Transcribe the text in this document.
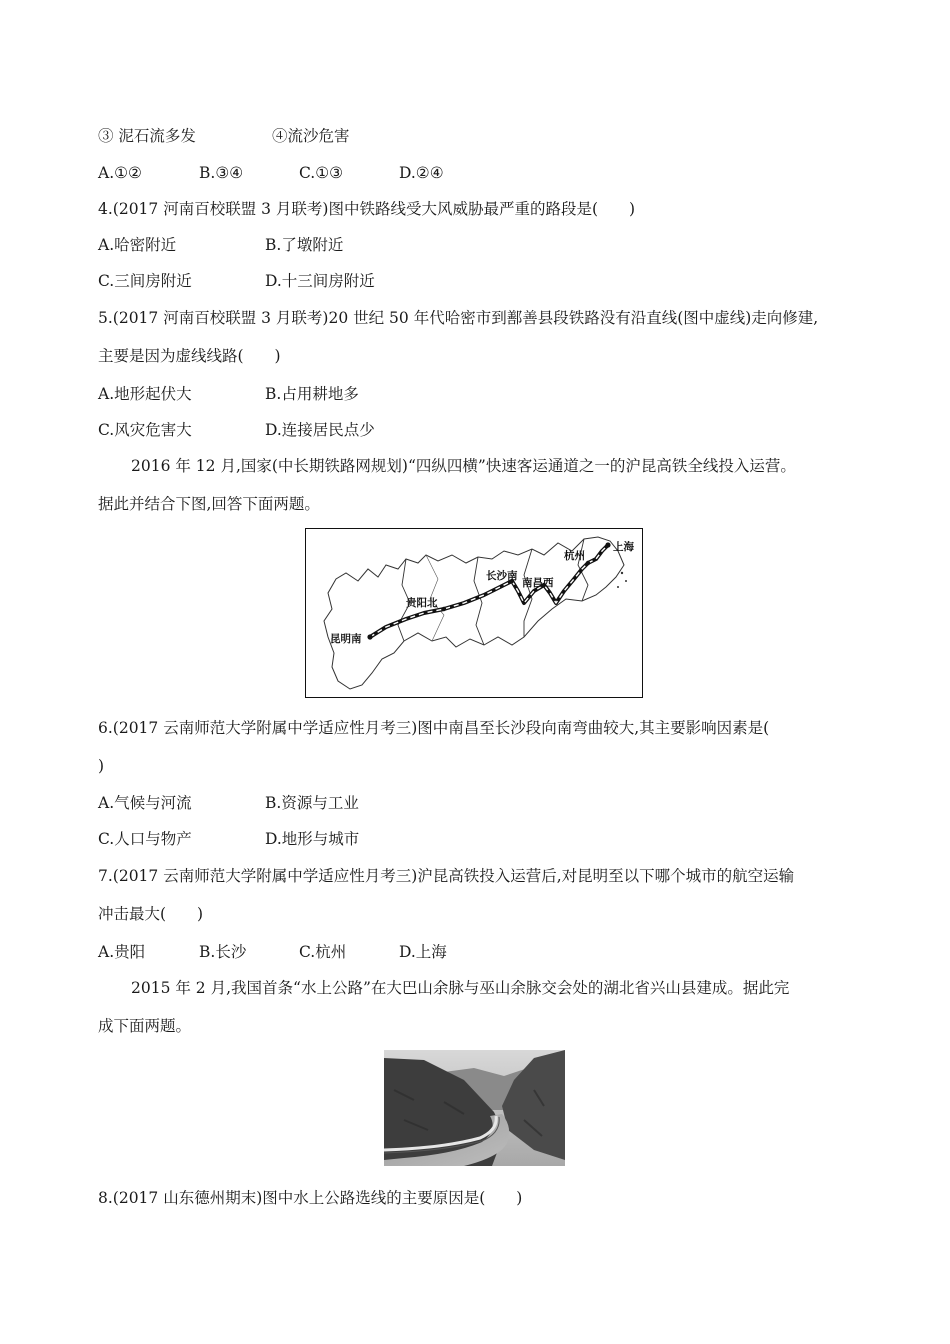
③ 泥石流多发	④流沙危害
A.①②	B.③④	C.①③	D.②④
4.(2017 河南百校联盟 3 月联考)图中铁路线受大风威胁最严重的路段是(　　)
A.哈密附近	B.了墩附近
C.三间房附近	D.十三间房附近
5.(2017 河南百校联盟 3 月联考)20 世纪 50 年代哈密市到鄯善县段铁路没有沿直线(图中虚线)走向修建,
主要是因为虚线线路(　　)
A.地形起伏大	B.占用耕地多
C.风灾危害大	D.连接居民点少
2016 年 12 月,国家(中长期铁路网规划)“四纵四横”快速客运通道之一的沪昆高铁全线投入运营。
据此并结合下图,回答下面两题。
上海
杭州
长沙南
南昌西
贵阳北
昆明南
6.(2017 云南师范大学附属中学适应性月考三)图中南昌至长沙段向南弯曲较大,其主要影响因素是(
)
A.气候与河流	B.资源与工业
C.人口与物产	D.地形与城市
7.(2017 云南师范大学附属中学适应性月考三)沪昆高铁投入运营后,对昆明至以下哪个城市的航空运输
冲击最大(　　)
A.贵阳	B.长沙	C.杭州	D.上海
2015 年 2 月,我国首条“水上公路”在大巴山余脉与巫山余脉交会处的湖北省兴山县建成。据此完
成下面两题。
8.(2017 山东德州期末)图中水上公路选线的主要原因是(　　)
